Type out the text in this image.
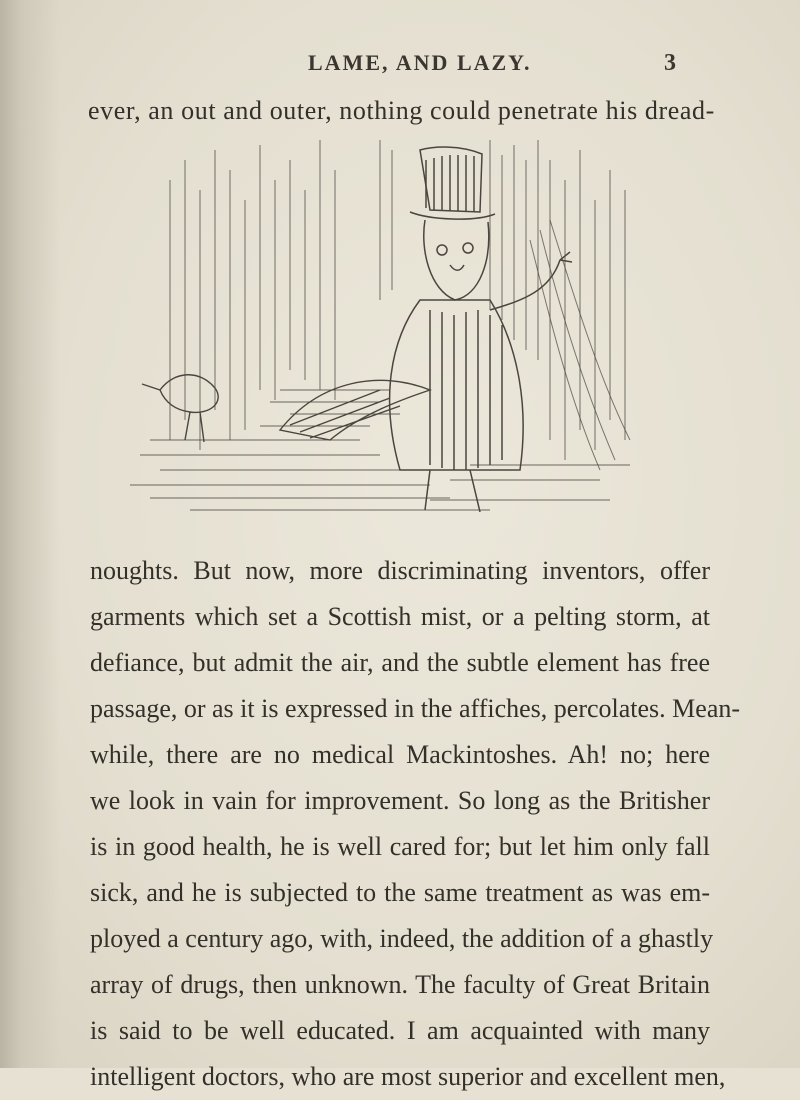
LAME, AND LAZY.	3
ever, an out and outer, nothing could penetrate his dread-
noughts. But now, more discriminating inventors, offer
garments which set a Scottish mist, or a pelting storm, at
defiance, but admit the air, and the subtle element has free
passage, or as it is expressed in the affiches, percolates. Mean-
while, there are no medical Mackintoshes. Ah! no; here
we look in vain for improvement. So long as the Britisher
is in good health, he is well cared for; but let him only fall
sick, and he is subjected to the same treatment as was em-
ployed a century ago, with, indeed, the addition of a ghastly
array of drugs, then unknown. The faculty of Great Britain
is said to be well educated. I am acquainted with many
intelligent doctors, who are most superior and excellent men,
